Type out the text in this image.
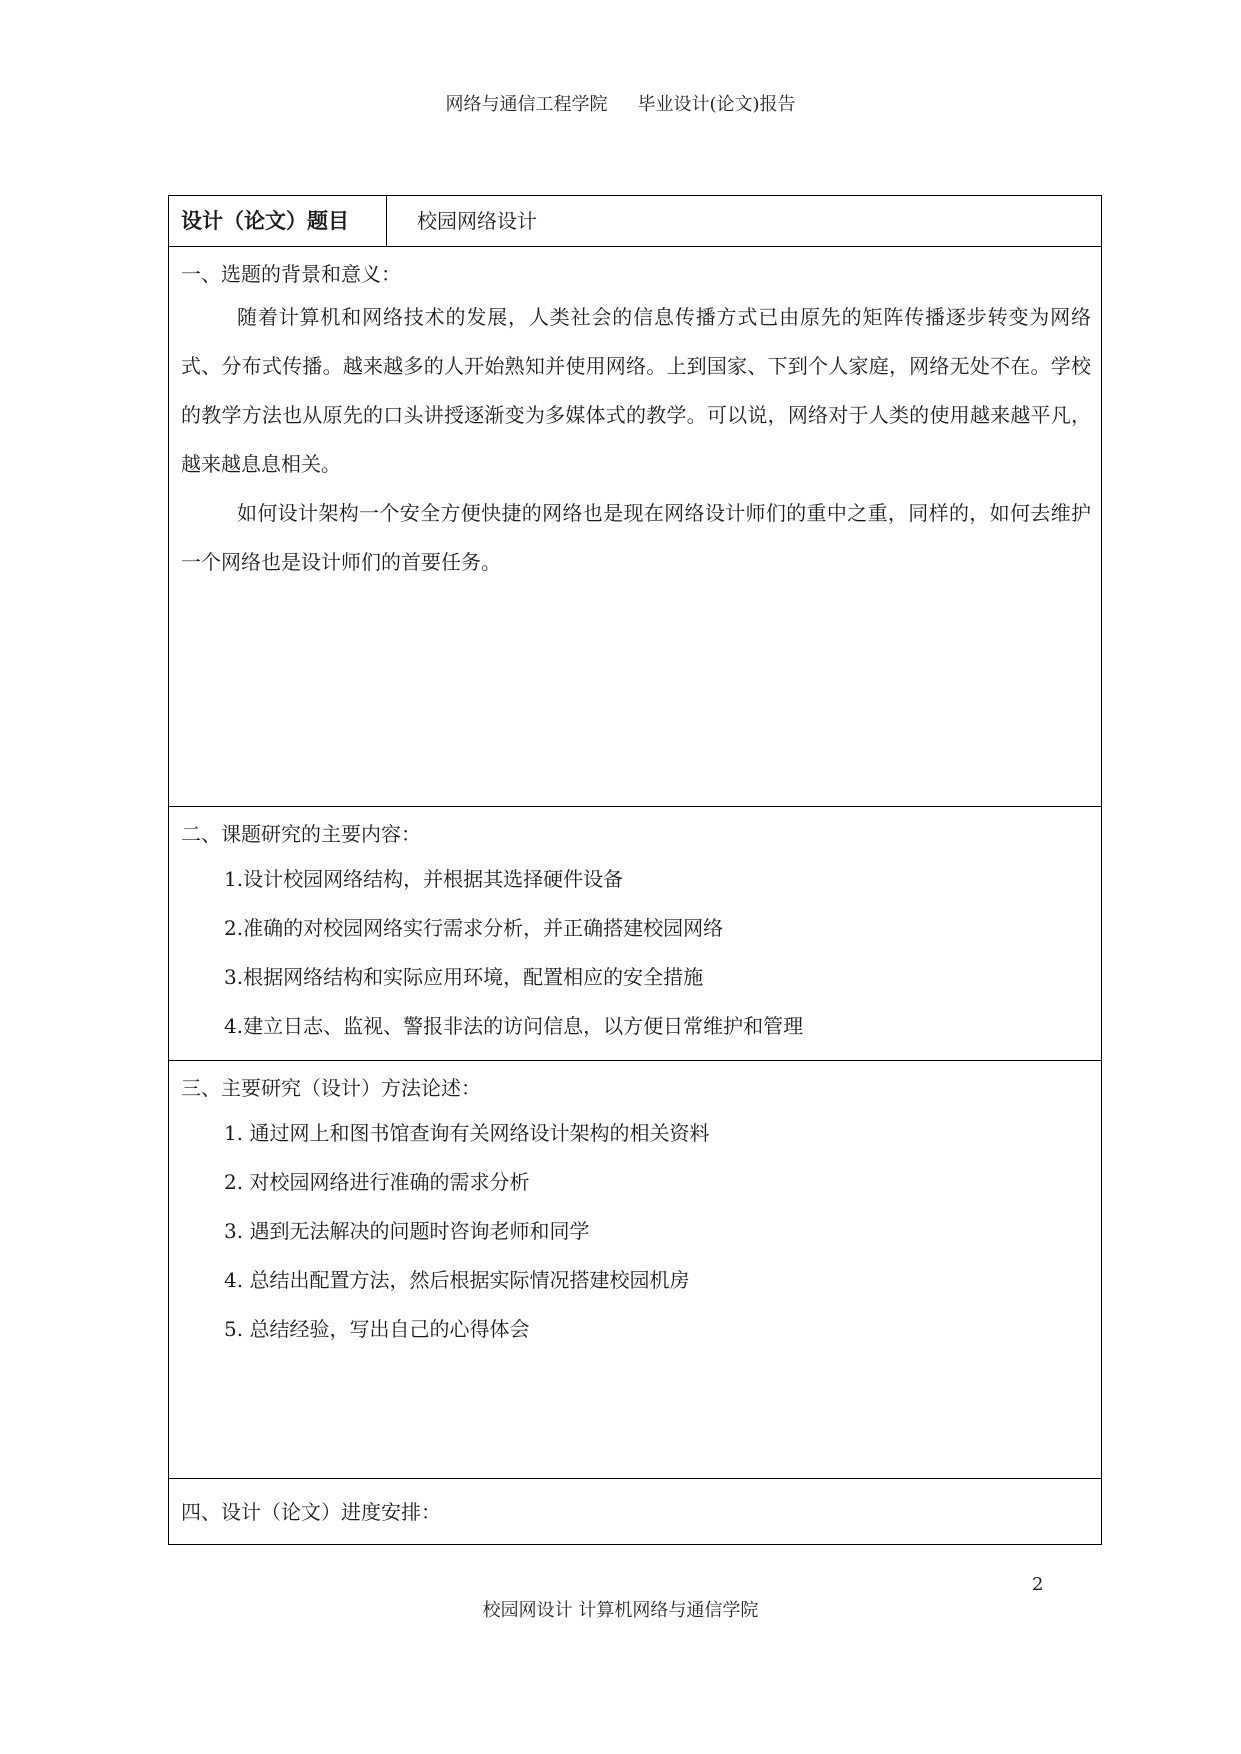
网络与通信工程学院 毕业设计(论文)报告
设计（论文）题目	校园网络设计
一、选题的背景和意义：

随着计算机和网络技术的发展，人类社会的信息传播方式已由原先的矩阵传播逐步转变为网络式、分布式传播。越来越多的人开始熟知并使用网络。上到国家、下到个人家庭，网络无处不在。学校的教学方法也从原先的口头讲授逐渐变为多媒体式的教学。可以说，网络对于人类的使用越来越平凡，越来越息息相关。

如何设计架构一个安全方便快捷的网络也是现在网络设计师们的重中之重，同样的，如何去维护一个网络也是设计师们的首要任务。

二、课题研究的主要内容：
1.设计校园网络结构，并根据其选择硬件设备
2.准确的对校园网络实行需求分析，并正确搭建校园网络
3.根据网络结构和实际应用环境，配置相应的安全措施
4.建立日志、监视、警报非法的访问信息，以方便日常维护和管理
三、主要研究（设计）方法论述：
1. 通过网上和图书馆查询有关网络设计架构的相关资料
2. 对校园网络进行准确的需求分析
3. 遇到无法解决的问题时咨询老师和同学
4. 总结出配置方法，然后根据实际情况搭建校园机房
5. 总结经验，写出自己的心得体会
四、设计（论文）进度安排：
2
校园网设计 计算机网络与通信学院
